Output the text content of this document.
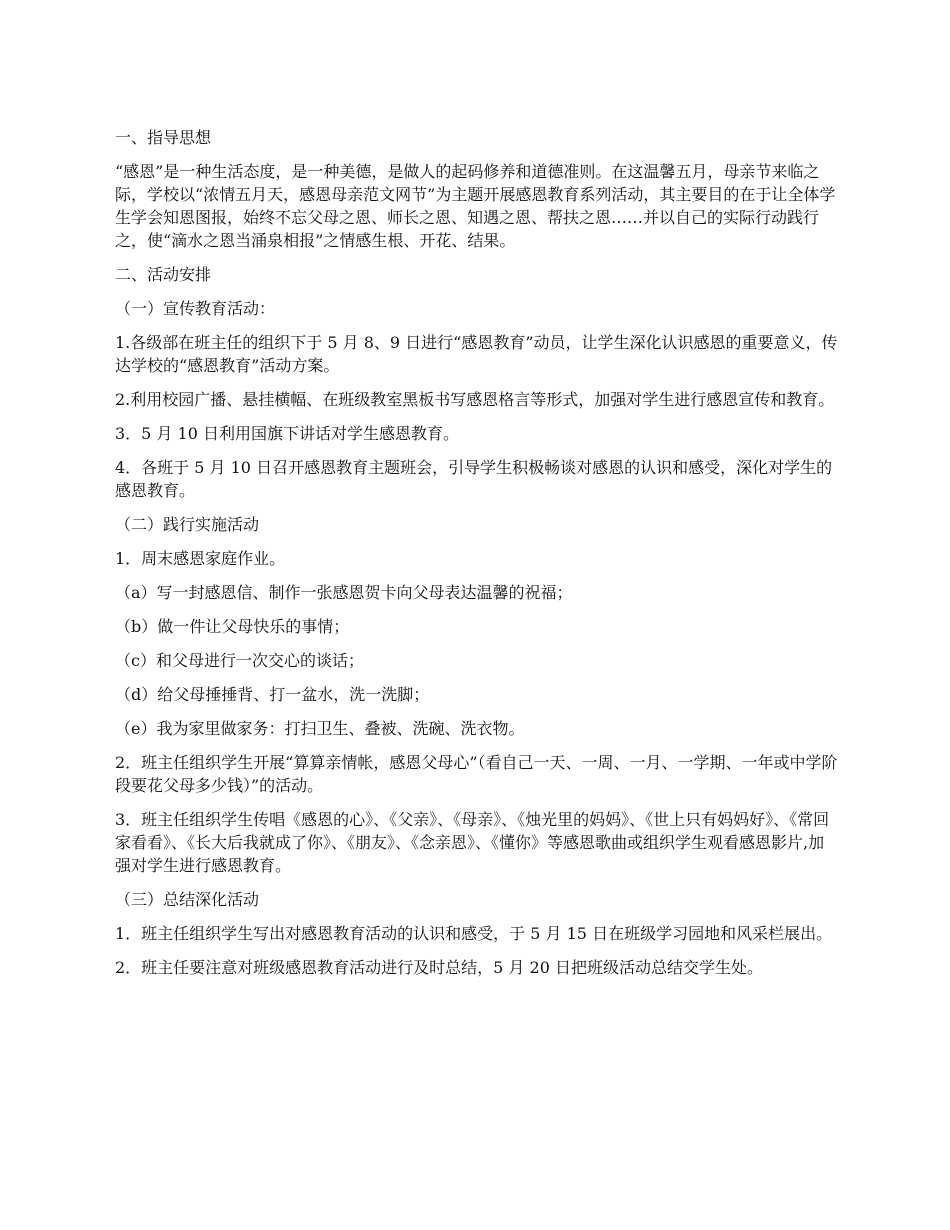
一、指导思想

“感恩”是一种生活态度，是一种美德，是做人的起码修养和道德准则。在这温馨五月，母亲节来临之际，学校以“浓情五月天，感恩母亲范文网节”为主题开展感恩教育系列活动，其主要目的在于让全体学生学会知恩图报，始终不忘父母之恩、师长之恩、知遇之恩、帮扶之恩……并以自己的实际行动践行之，使“滴水之恩当涌泉相报”之情感生根、开花、结果。

二、活动安排

（一）宣传教育活动：

1.各级部在班主任的组织下于 5 月 8、9 日进行“感恩教育”动员，让学生深化认识感恩的重要意义，传达学校的“感恩教育”活动方案。

2.利用校园广播、悬挂横幅、在班级教室黑板书写感恩格言等形式，加强对学生进行感恩宣传和教育。

3．5 月 10 日利用国旗下讲话对学生感恩教育。

4．各班于 5 月 10 日召开感恩教育主题班会，引导学生积极畅谈对感恩的认识和感受，深化对学生的感恩教育。

（二）践行实施活动

1．周末感恩家庭作业。

（a）写一封感恩信、制作一张感恩贺卡向父母表达温馨的祝福；

（b）做一件让父母快乐的事情；

（c）和父母进行一次交心的谈话；

（d）给父母捶捶背、打一盆水，洗一洗脚；

（e）我为家里做家务：打扫卫生、叠被、洗碗、洗衣物。

2．班主任组织学生开展“算算亲情帐，感恩父母心”（看自己一天、一周、一月、一学期、一年或中学阶段要花父母多少钱）”的活动。

3．班主任组织学生传唱《感恩的心》、《父亲》、《母亲》、《烛光里的妈妈》、《世上只有妈妈好》、《常回家看看》、《长大后我就成了你》、《朋友》、《念亲恩》、《懂你》等感恩歌曲或组织学生观看感恩影片,加强对学生进行感恩教育。

（三）总结深化活动

1．班主任组织学生写出对感恩教育活动的认识和感受，于 5 月 15 日在班级学习园地和风采栏展出。

2．班主任要注意对班级感恩教育活动进行及时总结，5 月 20 日把班级活动总结交学生处。
